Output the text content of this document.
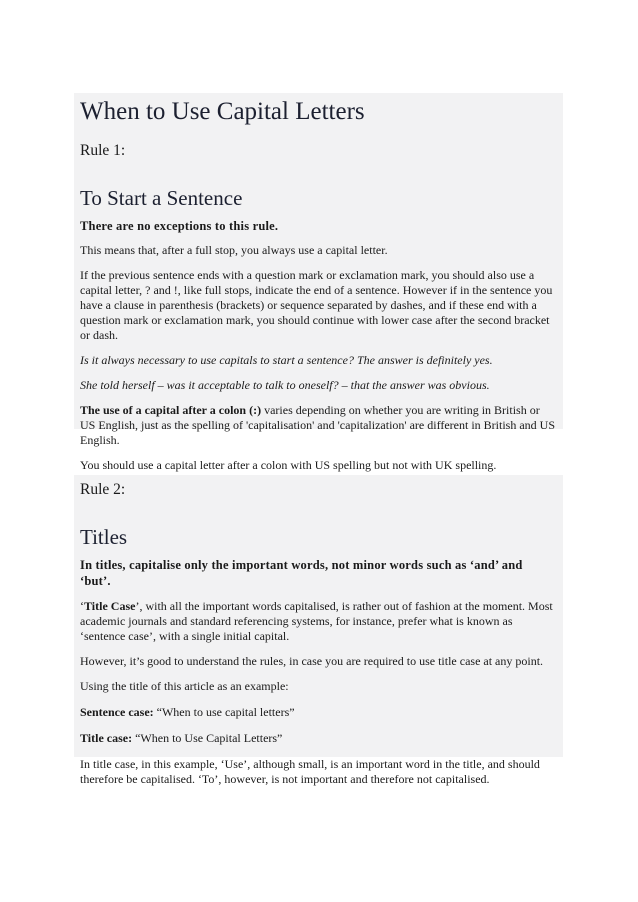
When to Use Capital Letters
Rule 1:
To Start a Sentence

There are no exceptions to this rule.

This means that, after a full stop, you always use a capital letter.

If the previous sentence ends with a question mark or exclamation mark, you should also use a capital letter, ? and !, like full stops, indicate the end of a sentence. However if in the sentence you have a clause in parenthesis (brackets) or sequence separated by dashes, and if these end with a question mark or exclamation mark, you should continue with lower case after the second bracket or dash.

Is it always necessary to use capitals to start a sentence? The answer is definitely yes.

She told herself – was it acceptable to talk to oneself? – that the answer was obvious.

The use of a capital after a colon (:) varies depending on whether you are writing in British or US English, just as the spelling of 'capitalisation' and 'capitalization' are different in British and US English.

You should use a capital letter after a colon with US spelling but not with UK spelling.

Rule 2:
Titles

In titles, capitalise only the important words, not minor words such as ‘and’ and ‘but’.

‘Title Case’, with all the important words capitalised, is rather out of fashion at the moment. Most academic journals and standard referencing systems, for instance, prefer what is known as ‘sentence case’, with a single initial capital.

However, it’s good to understand the rules, in case you are required to use title case at any point.

Using the title of this article as an example:

Sentence case: “When to use capital letters”

Title case: “When to Use Capital Letters”

In title case, in this example, ‘Use’, although small, is an important word in the title, and should therefore be capitalised. ‘To’, however, is not important and therefore not capitalised.
